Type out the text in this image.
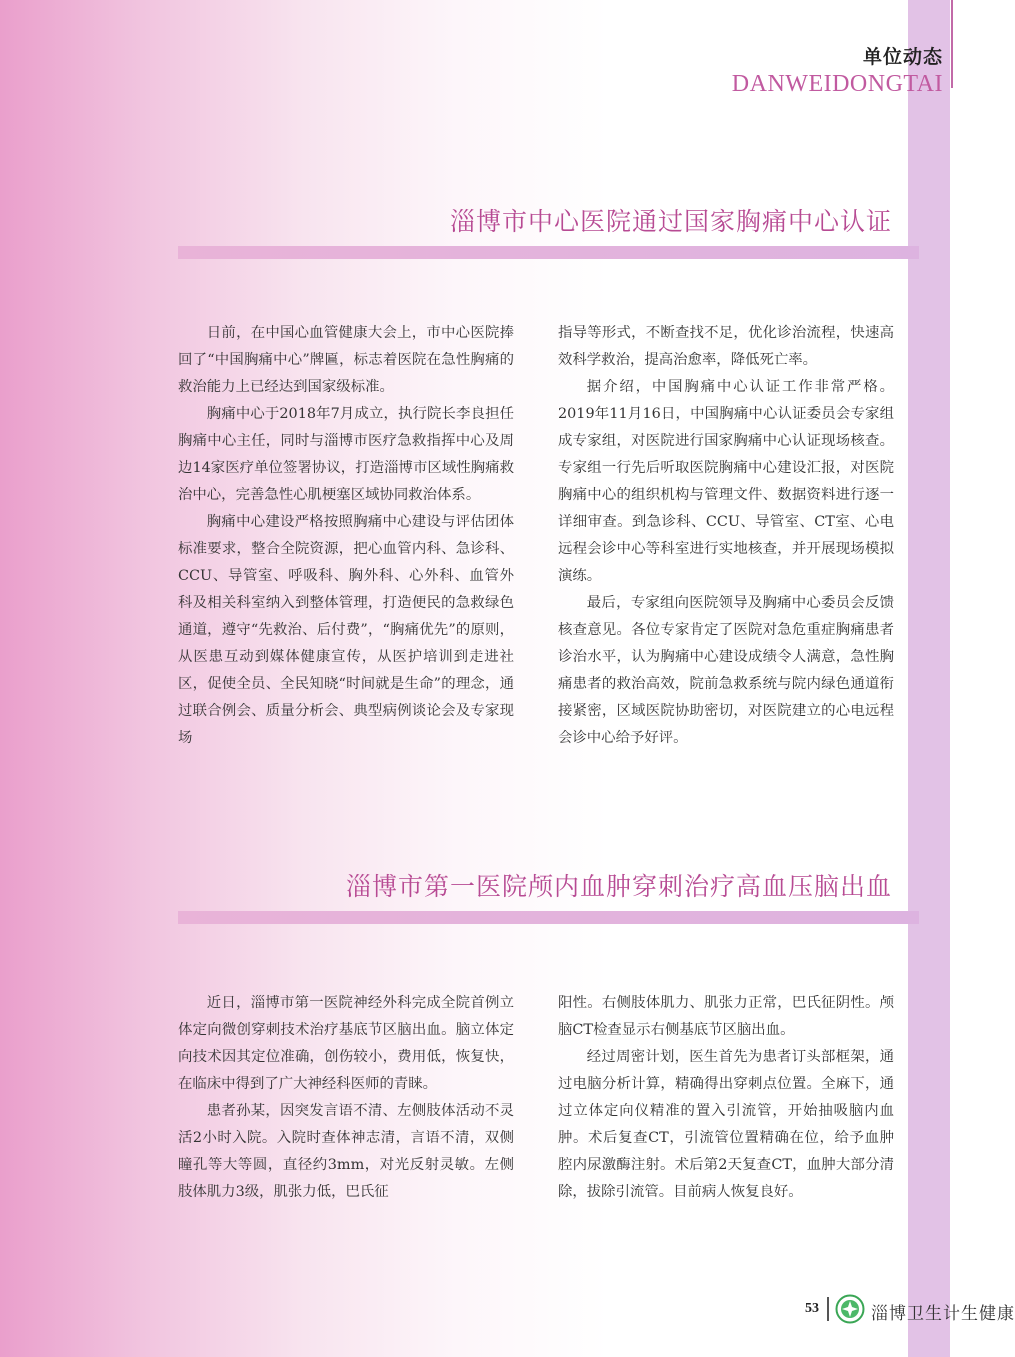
单位动态
DANWEIDONGTAI
淄博市中心医院通过国家胸痛中心认证

日前，在中国心血管健康大会上，市中心医院捧回了“中国胸痛中心”牌匾，标志着医院在急性胸痛的救治能力上已经达到国家级标准。

胸痛中心于2018年7月成立，执行院长李良担任胸痛中心主任，同时与淄博市医疗急救指挥中心及周边14家医疗单位签署协议，打造淄博市区域性胸痛救治中心，完善急性心肌梗塞区域协同救治体系。

胸痛中心建设严格按照胸痛中心建设与评估团体标准要求，整合全院资源，把心血管内科、急诊科、CCU、导管室、呼吸科、胸外科、心外科、血管外科及相关科室纳入到整体管理，打造便民的急救绿色通道，遵守“先救治、后付费”，“胸痛优先”的原则，从医患互动到媒体健康宣传，从医护培训到走进社区，促使全员、全民知晓“时间就是生命”的理念，通过联合例会、质量分析会、典型病例谈论会及专家现场

指导等形式，不断查找不足，优化诊治流程，快速高效科学救治，提高治愈率，降低死亡率。

据介绍，中国胸痛中心认证工作非常严格。2019年11月16日，中国胸痛中心认证委员会专家组成专家组，对医院进行国家胸痛中心认证现场核查。专家组一行先后听取医院胸痛中心建设汇报，对医院胸痛中心的组织机构与管理文件、数据资料进行逐一详细审查。到急诊科、CCU、导管室、CT室、心电远程会诊中心等科室进行实地核查，并开展现场模拟演练。

最后，专家组向医院领导及胸痛中心委员会反馈核查意见。各位专家肯定了医院对急危重症胸痛患者诊治水平，认为胸痛中心建设成绩令人满意，急性胸痛患者的救治高效，院前急救系统与院内绿色通道衔接紧密，区域医院协助密切，对医院建立的心电远程会诊中心给予好评。

淄博市第一医院颅内血肿穿刺治疗高血压脑出血

近日，淄博市第一医院神经外科完成全院首例立体定向微创穿刺技术治疗基底节区脑出血。脑立体定向技术因其定位准确，创伤较小，费用低，恢复快，在临床中得到了广大神经科医师的青睐。

患者孙某，因突发言语不清、左侧肢体活动不灵活2小时入院。入院时查体神志清，言语不清，双侧瞳孔等大等圆，直径约3mm，对光反射灵敏。左侧肢体肌力3级，肌张力低，巴氏征

阳性。右侧肢体肌力、肌张力正常，巴氏征阴性。颅脑CT检查显示右侧基底节区脑出血。

经过周密计划，医生首先为患者订头部框架，通过电脑分析计算，精确得出穿刺点位置。全麻下，通过立体定向仪精准的置入引流管，开始抽吸脑内血肿。术后复查CT，引流管位置精确在位，给予血肿腔内尿激酶注射。术后第2天复查CT，血肿大部分清除，拔除引流管。目前病人恢复良好。

53	淄博卫生计生健康
